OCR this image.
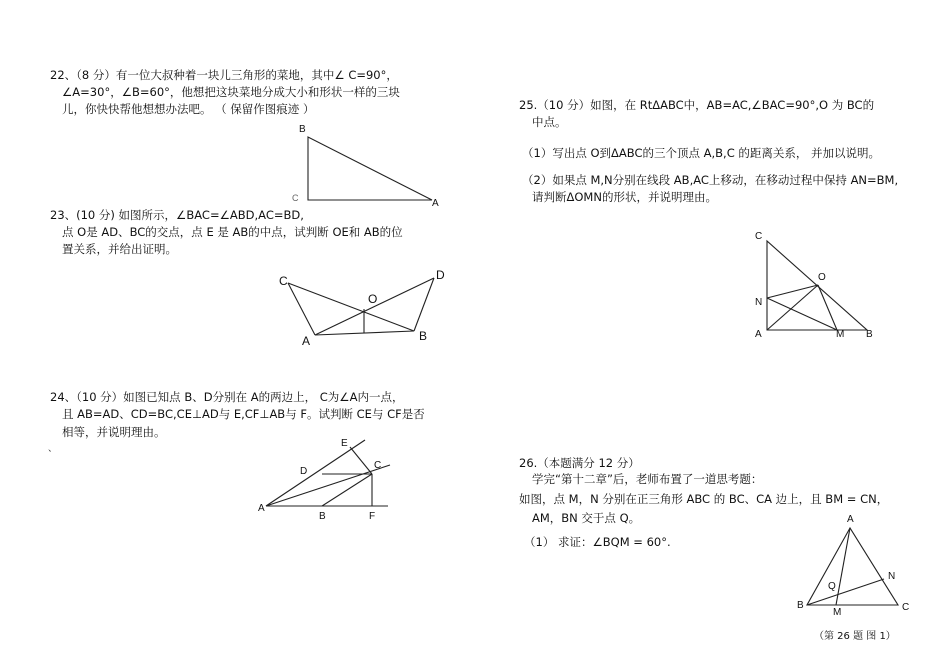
22、（8 分）有一位大叔种着一块儿三角形的菜地，其中∠ C=90°，
∠A=30°，∠B=60°，他想把这块菜地分成大小和形状一样的三块
儿，你快快帮他想想办法吧。 （ 保留作图痕迹 ）
B
A
C
23、(10 分) 如图所示，∠BAC=∠ABD,AC=BD,
点 O是 AD、BC的交点，点 E 是 AB的中点，试判断 OE和 AB的位
置关系，并给出证明。
C	D
O
A	B
24、（10 分）如图已知点 B、D分别在 A的两边上， C为∠A内一点，
且 AB=AD、CD=BC,CE⊥AD与 E,CF⊥AB与 F。试判断 CE与 CF是否
相等，并说明理由。
、	E
D
C
A
B	F
25.（10 分）如图，在 RtΔABC中，AB=AC,∠BAC=90°,O 为 BC的
中点。
（1）写出点 O到ΔABC的三个顶点 A,B,C 的距离关系， 并加以说明。
（2）如果点 M,N分别在线段 AB,AC上移动，在移动过程中保持 AN=BM,
请判断ΔOMN的形状，并说明理由。
C
O
N
A	M B
26.（本题满分 12 分）
学完“第十二章”后，老师布置了一道思考题：
如图，点 M，N 分别在正三角形 ABC 的 BC、CA 边上，且 BM = CN，
AM，BN 交于点 Q。
（1） 求证：∠BQM = 60°.
A
N
Q
B
M	C
（第 26 题 图 1）
